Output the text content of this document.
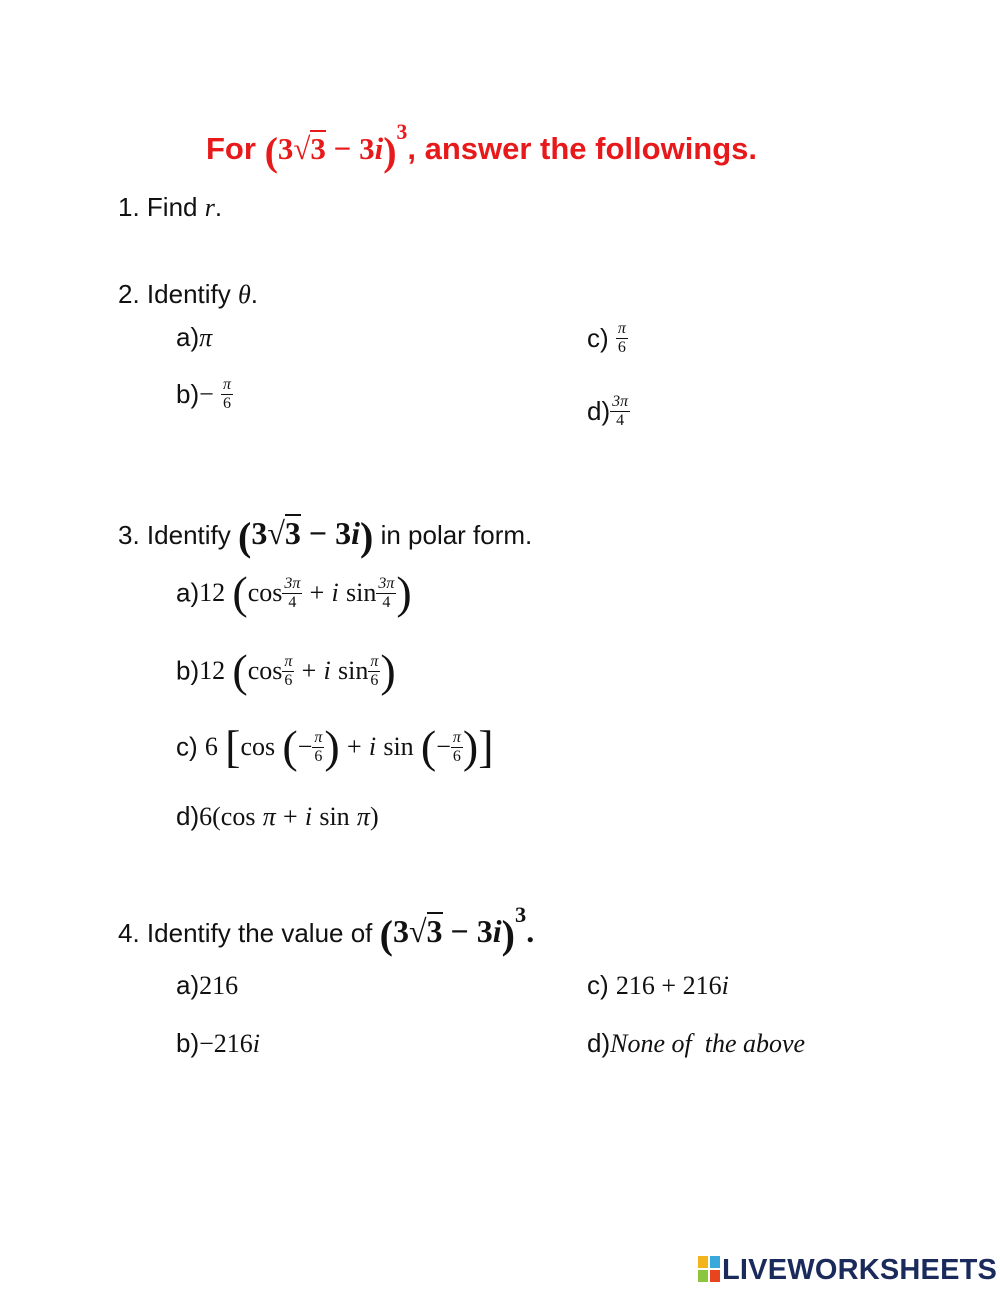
For $(3√3 - 3i)^3$, answer the followings.
1. Find r.
2. Identify θ.
a)π
$b)- \frac{\pi}{6}$
$c) \frac{\pi}{6}$
$d) \frac{3\pi}{4}$
3. Identify (3√3 − 3i) in polar form.
a)12 ($\cos \frac{3\pi}{4} + i$ $\sin \frac{3\pi}{4}$ )
b)12 ($\cos \frac{\pi}{6} + i$ $\sin \frac{\pi}{6}$ )
c) 6 [cos (− $\frac{\pi}{6}$ ) + i sin (− $\frac{\pi}{6}$ )]
d)6(cos π + i sin π)
4. Identify the value of $(3√3 - 3i)^3$.
a)216
b)−216i
c) 216 + 216i
d)None of  the above
LIVEWORKSHEETS
